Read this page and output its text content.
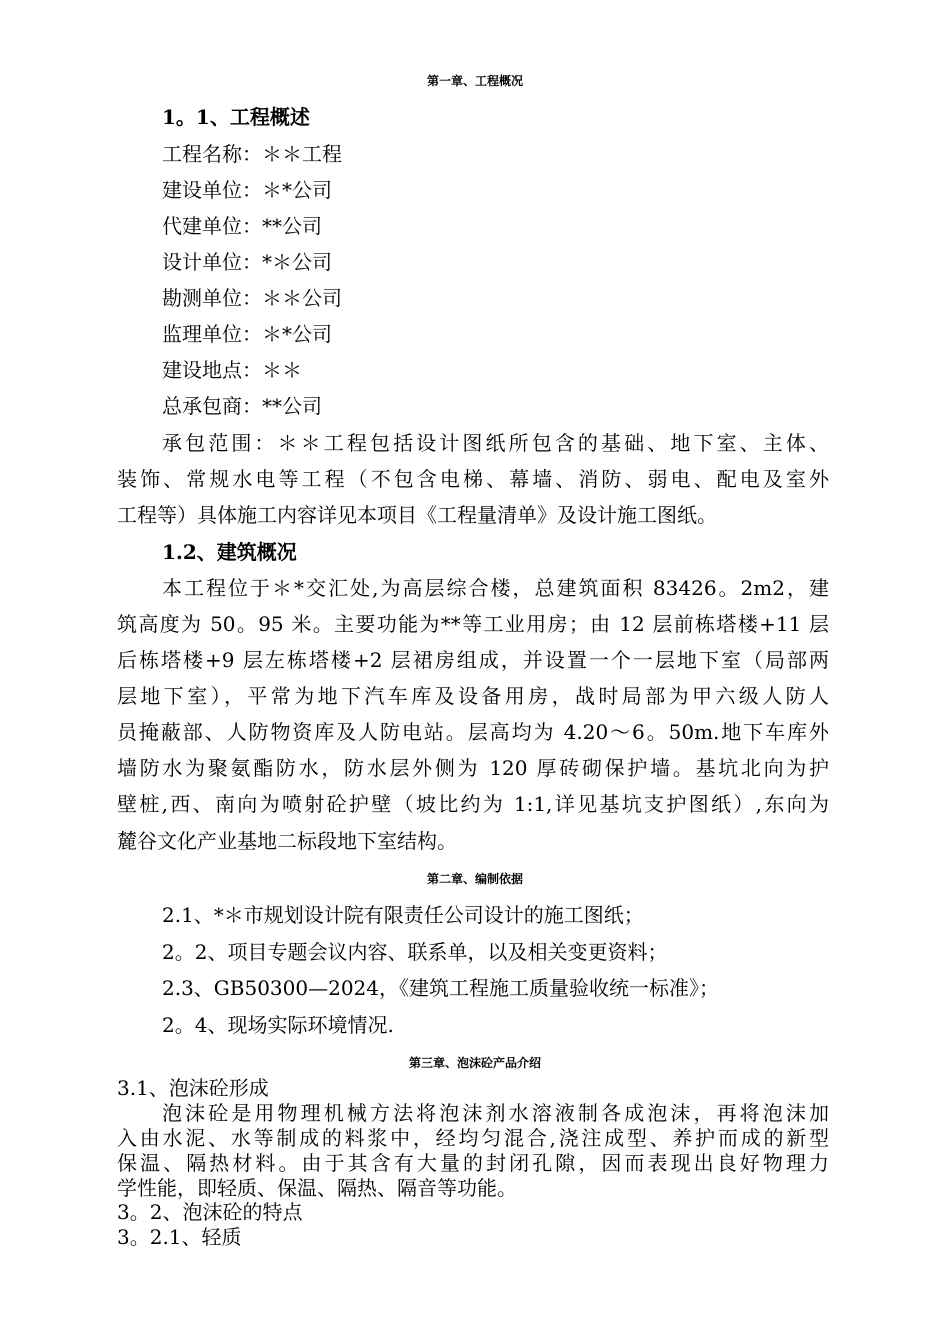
第一章、工程概况
1。1、工程概述
工程名称：＊＊工程
建设单位：＊*公司
代建单位：**公司
设计单位：*＊公司
勘测单位：＊＊公司
监理单位：＊*公司
建设地点：＊＊
总承包商：**公司
承包范围：＊＊工程包括设计图纸所包含的基础、地下室、主体、
装饰、常规水电等工程（不包含电梯、幕墙、消防、弱电、配电及室外
工程等）具体施工内容详见本项目《工程量清单》及设计施工图纸。
1.2、建筑概况
本工程位于＊*交汇处,为高层综合楼，总建筑面积 83426。2m2，建
筑高度为 50。95 米。主要功能为**等工业用房；由 12 层前栋塔楼+11 层
后栋塔楼+9 层左栋塔楼+2 层裙房组成，并设置一个一层地下室（局部两
层地下室），平常为地下汽车库及设备用房，战时局部为甲六级人防人
员掩蔽部、人防物资库及人防电站。层高均为 4.20～6。50m.地下车库外
墙防水为聚氨酯防水，防水层外侧为 120 厚砖砌保护墙。基坑北向为护
壁桩,西、南向为喷射砼护壁（坡比约为 1:1,详见基坑支护图纸）,东向为
麓谷文化产业基地二标段地下室结构。
第二章、编制依据
2.1、*＊市规划设计院有限责任公司设计的施工图纸；
2。2、项目专题会议内容、联系单，以及相关变更资料；
2.3、GB50300—2024，《建筑工程施工质量验收统一标准》；
2。4、现场实际环境情况.
第三章、泡沫砼产品介绍
3.1、泡沫砼形成
泡沫砼是用物理机械方法将泡沫剂水溶液制各成泡沫，再将泡沫加
入由水泥、水等制成的料浆中，经均匀混合,浇注成型、养护而成的新型
保温、隔热材料。由于其含有大量的封闭孔隙，因而表现出良好物理力
学性能，即轻质、保温、隔热、隔音等功能。
3。2、泡沫砼的特点
3。2.1、轻质
